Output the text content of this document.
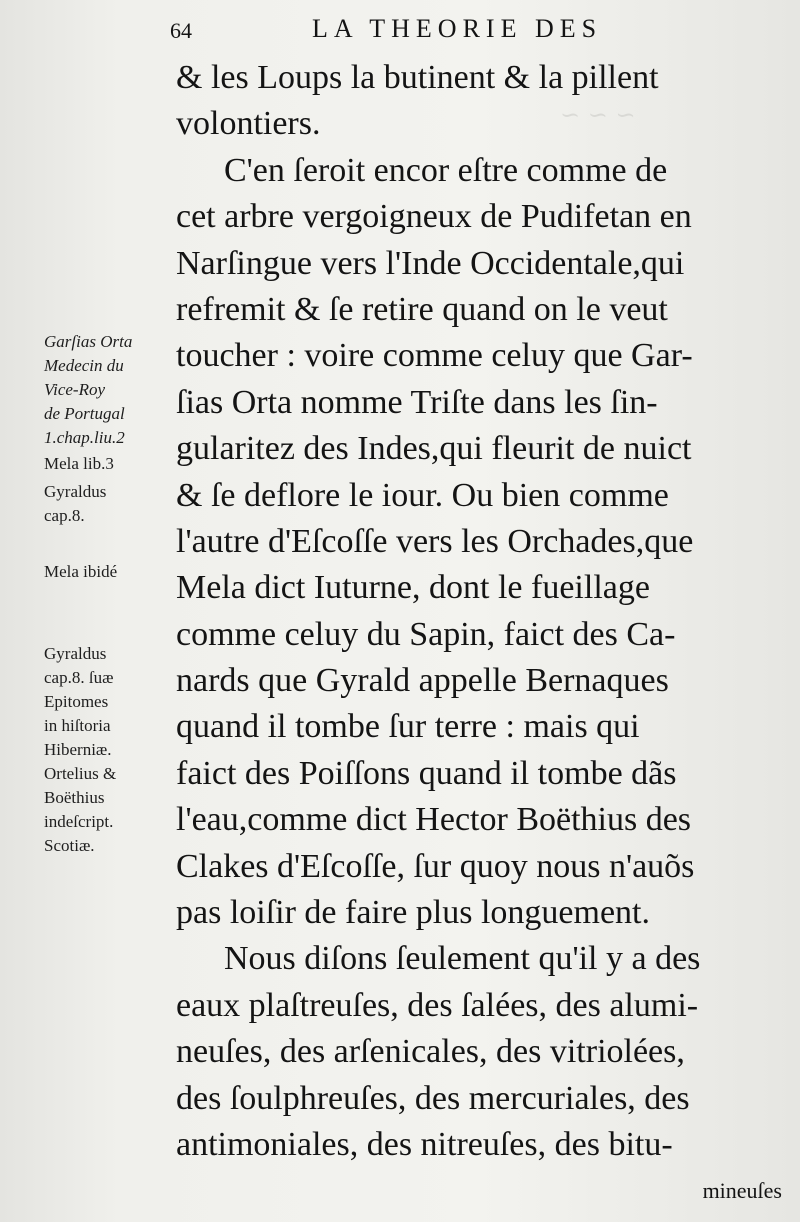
~ ~ ~
64	LA THEORIE DES
& les Loups la butinent & la pillent
volontiers.
C'en ſeroit encor eſtre comme de
cet arbre vergoigneux de Pudifetan en
Narſingue vers l'Inde Occidentale,qui
refremit & ſe retire quand on le veut
toucher : voire comme celuy que Gar-
ſias Orta nomme Triſte dans les ſin-
gularitez des Indes,qui fleurit de nuict
& ſe deflore le iour. Ou bien comme
l'autre d'Eſcoſſe vers les Orchades,que
Mela dict Iuturne, dont le fueillage
comme celuy du Sapin, faict des Ca-
nards que Gyrald appelle Bernaques
quand il tombe ſur terre : mais qui
faict des Poiſſons quand il tombe dãs
l'eau,comme dict Hector Boëthius des
Clakes d'Eſcoſſe, ſur quoy nous n'auõs
pas loiſir de faire plus longuement.
Nous diſons ſeulement qu'il y a des
eaux plaſtreuſes, des ſalées, des alumi-
neuſes, des arſenicales, des vitriolées,
des ſoulphreuſes, des mercuriales, des
antimoniales, des nitreuſes, des bitu-
mineuſes
Garſias Orta
Medecin du
Vice-Roy
de Portugal
1.chap.liu.2
Mela lib.3
Gyraldus
cap.8.
Mela ibidé
Gyraldus
cap.8. ſuæ
Epitomes
in hiſtoria
Hiberniæ.
Ortelius &
Boëthius
indeſcript.
Scotiæ.
